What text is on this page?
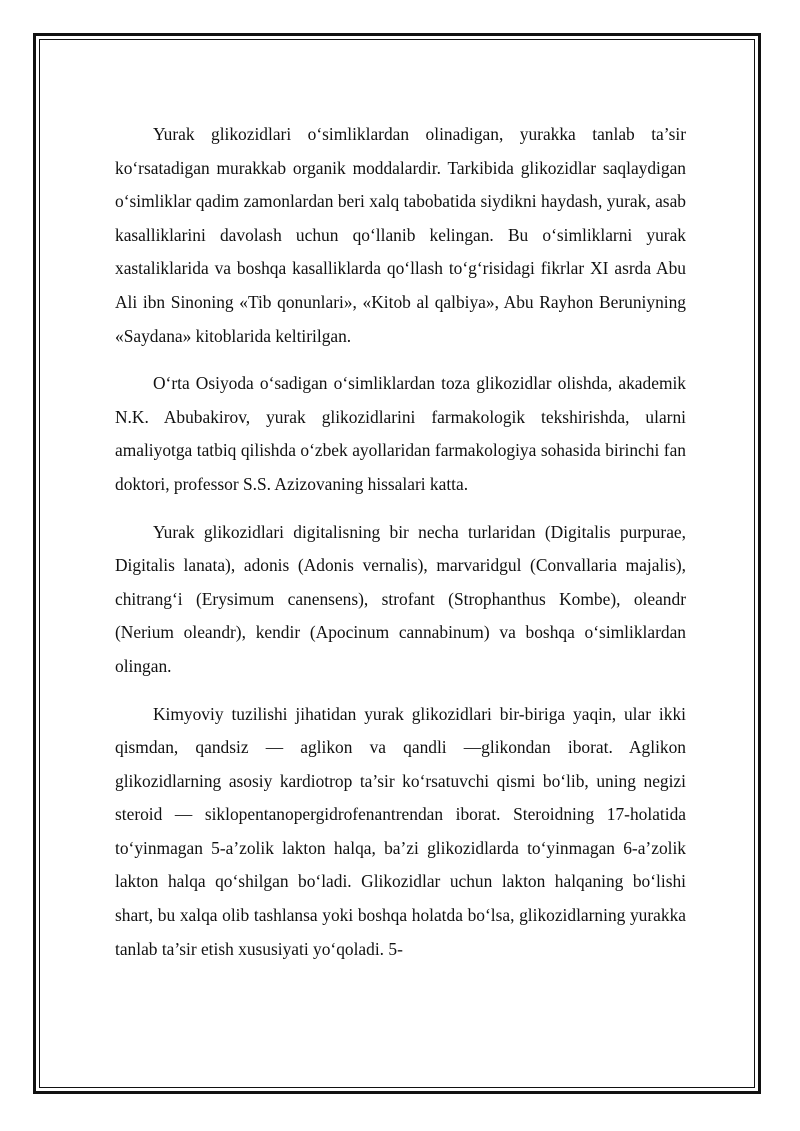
Yurak glikozidlari o‘simliklardan olinadigan, yurakka tanlab ta’sir ko‘rsatadigan murakkab organik moddalardir. Tarkibida glikozidlar saqlaydigan o‘simliklar qadim zamonlardan beri xalq tabobatida siydikni haydash, yurak, asab kasalliklarini davolash uchun qo‘llanib kelingan. Bu o‘simliklarni yurak xastaliklarida va boshqa kasalliklarda qo‘llash to‘g‘risidagi fikrlar XI asrda Abu Ali ibn Sinoning «Tib qonunlari», «Kitob al qalbiya», Abu Rayhon Beruniyning «Saydana» kitoblarida keltirilgan.

O‘rta Osiyoda o‘sadigan o‘simliklardan toza glikozidlar olishda, akademik N.K. Abubakirov, yurak glikozidlarini farmakologik tekshirishda, ularni amaliyotga tatbiq qilishda o‘zbek ayollaridan farmakologiya sohasida birinchi fan doktori, professor S.S. Azizovaning hissalari katta.

Yurak glikozidlari digitalisning bir necha turlaridan (Digitalis purpurae, Digitalis lanata), adonis (Adonis vernalis), marvaridgul (Convallaria majalis), chitrang‘i (Erysimum canensens), strofant (Strophanthus Kombe), oleandr (Nerium oleandr), kendir (Apocinum cannabinum) va boshqa o‘simliklardan olingan.

Kimyoviy tuzilishi jihatidan yurak glikozidlari bir-biriga yaqin, ular ikki qismdan, qandsiz — aglikon va qandli —glikondan iborat. Aglikon glikozidlarning asosiy kardiotrop ta’sir ko‘rsatuvchi qismi bo‘lib, uning negizi steroid — siklopentanopergidrofenantrendan iborat. Steroidning 17-holatida to‘yinmagan 5-a’zolik lakton halqa, ba’zi glikozidlarda to‘yinmagan 6-a’zolik lakton halqa qo‘shilgan bo‘ladi. Glikozidlar uchun lakton halqaning bo‘lishi shart, bu xalqa olib tashlansa yoki boshqa holatda bo‘lsa, glikozidlarning yurakka tanlab ta’sir etish xususiyati yo‘qoladi. 5-
